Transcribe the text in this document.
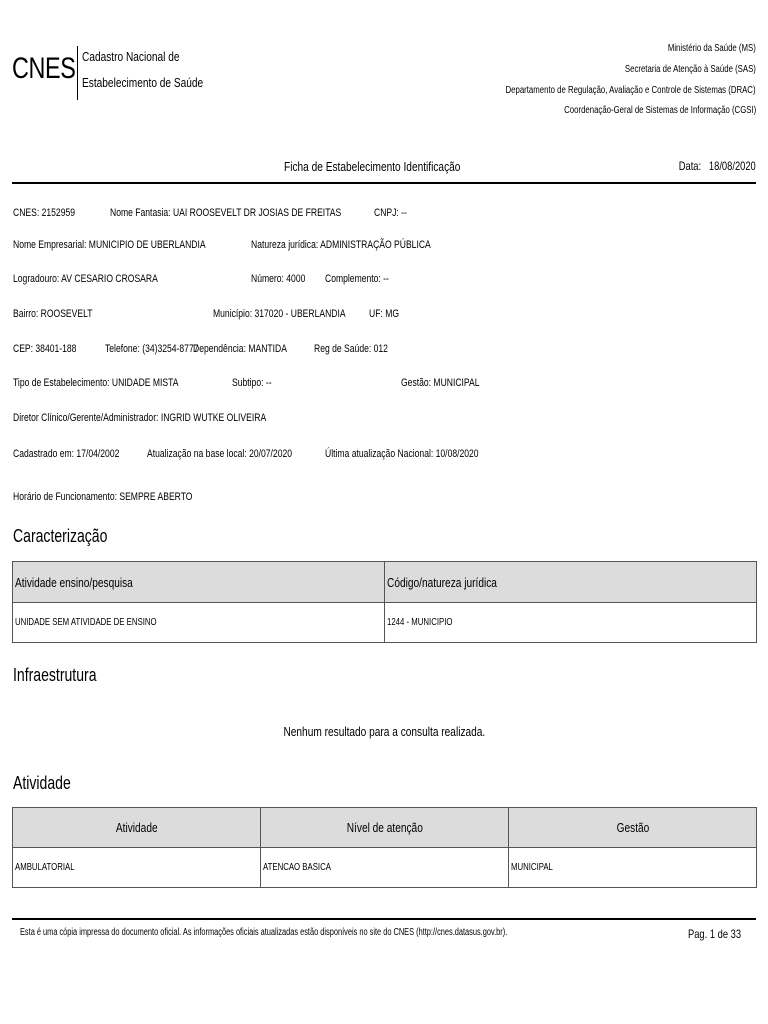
CNES Cadastro Nacional de
Estabelecimento de Saúde
Ministério da Saúde (MS)
Secretaria de Atenção à Saúde (SAS)
Departamento de Regulação, Avaliação e Controle de Sistemas (DRAC)
Coordenação-Geral de Sistemas de Informação (CGSI)
Ficha de Estabelecimento Identificação	Data: 18/08/2020
CNES: 2152959	Nome Fantasia: UAI ROOSEVELT DR JOSIAS DE FREITAS	CNPJ: --
Nome Empresarial: MUNICIPIO DE UBERLANDIA	Natureza jurídica: ADMINISTRAÇÃO PÚBLICA
Logradouro: AV CESARIO CROSARA	Número: 4000 Complemento: --
Bairro: ROOSEVELT	Município: 317020 - UBERLANDIA UF: MG
CEP: 38401-188	Telefone: (34)3254-8777
Dependência: MANTIDA Reg de Saúde: 012
Tipo de Estabelecimento: UNIDADE MISTA	Subtipo: --	Gestão: MUNICIPAL
Diretor Clínico/Gerente/Administrador: INGRID WUTKE OLIVEIRA
Cadastrado em: 17/04/2002	Atualização na base local: 20/07/2020	Última atualização Nacional: 10/08/2020
Horário de Funcionamento: SEMPRE ABERTO
Caracterização
Atividade ensino/pesquisa	Código/natureza jurídica
UNIDADE SEM ATIVIDADE DE ENSINO	1244 - MUNICIPIO
Infraestrutura
Nenhum resultado para a consulta realizada.
Atividade
Atividade	Nível de atenção	Gestão
AMBULATORIAL	ATENCAO BASICA	MUNICIPAL
Esta é uma cópia impressa do documento oficial. As informações oficiais atualizadas estão disponíveis no site do CNES (http://cnes.datasus.gov.br).	Pag. 1 de 33
